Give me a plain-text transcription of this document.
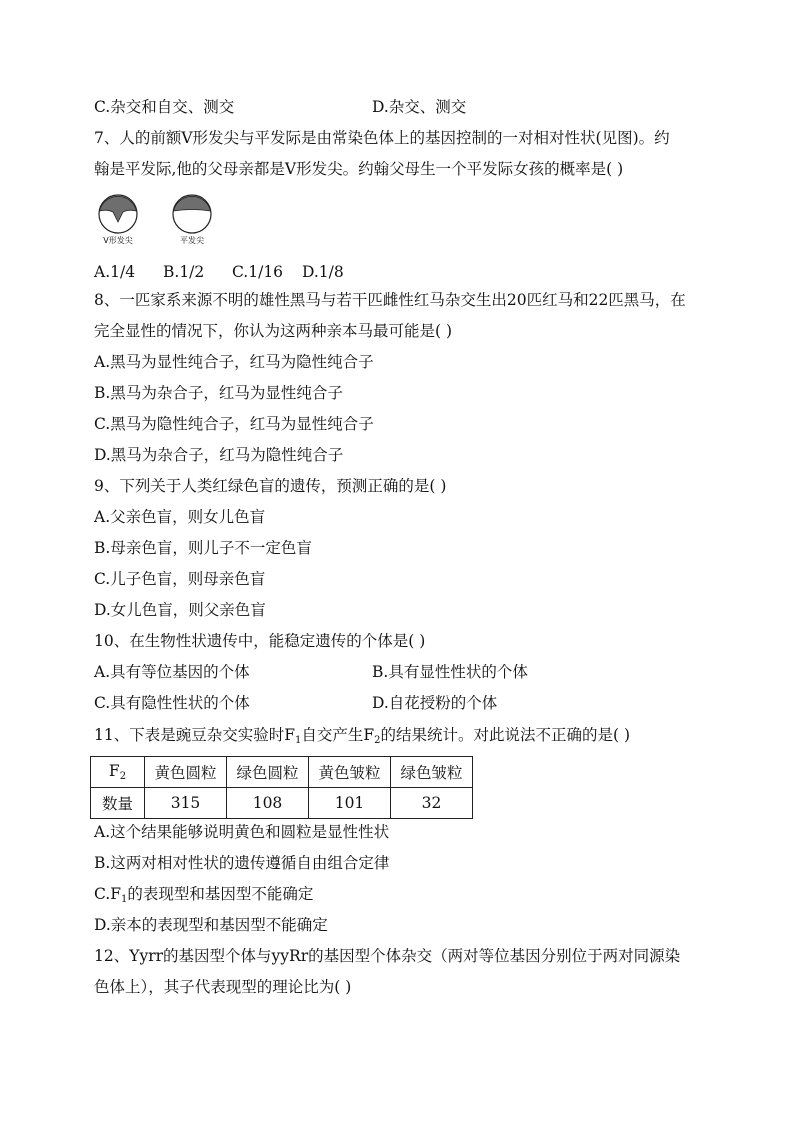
C.杂交和自交、测交	D.杂交、测交
7、人的前额V形发尖与平发际是由常染色体上的基因控制的一对相对性状(见图)。约
翰是平发际,他的父母亲都是V形发尖。约翰父母生一个平发际女孩的概率是( )
V形发尖	平发尖
A.1/4 B.1/2 C.1/16 D.1/8
8、一匹家系来源不明的雄性黑马与若干匹雌性红马杂交生出20匹红马和22匹黑马，在
完全显性的情况下，你认为这两种亲本马最可能是( )
A.黑马为显性纯合子，红马为隐性纯合子
B.黑马为杂合子，红马为显性纯合子
C.黑马为隐性纯合子，红马为显性纯合子
D.黑马为杂合子，红马为隐性纯合子
9、下列关于人类红绿色盲的遗传，预测正确的是( )
A.父亲色盲，则女儿色盲
B.母亲色盲，则儿子不一定色盲
C.儿子色盲，则母亲色盲
D.女儿色盲，则父亲色盲
10、在生物性状遗传中，能稳定遗传的个体是( )
A.具有等位基因的个体	B.具有显性性状的个体
C.具有隐性性状的个体	D.自花授粉的个体
11、下表是豌豆杂交实验时$F_1$自交产生$F_2$的结果统计。对此说法不正确的是( )
$F_2$	黄色圆粒	绿色圆粒	黄色皱粒	绿色皱粒
数量	315	108	101	32
A.这个结果能够说明黄色和圆粒是显性性状
B.这两对相对性状的遗传遵循自由组合定律
$C.F_1$的表现型和基因型不能确定
D.亲本的表现型和基因型不能确定
12、Yyrr的基因型个体与yyRr的基因型个体杂交（两对等位基因分别位于两对同源染
色体上），其子代表现型的理论比为( )
